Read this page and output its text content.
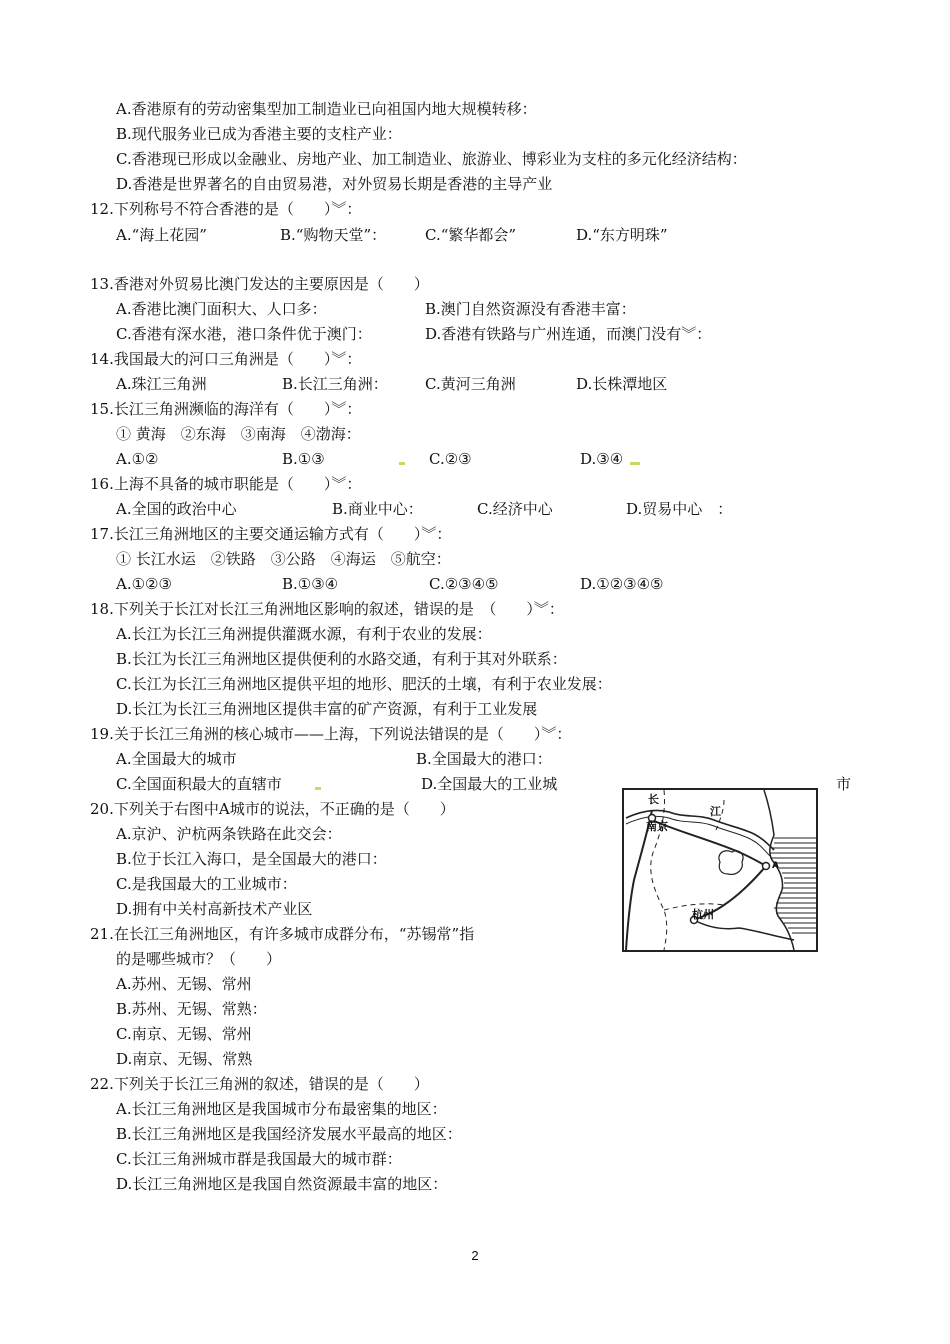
A.香港原有的劳动密集型加工制造业已向祖国内地大规模转移：
B.现代服务业已成为香港主要的支柱产业：
C.香港现已形成以金融业、房地产业、加工制造业、旅游业、博彩业为支柱的多元化经济结构：
D.香港是世界著名的自由贸易港，对外贸易长期是香港的主导产业
12.下列称号不符合香港的是（　　）︾：
A.“海上花园”	B.“购物天堂”：	C.“繁华都会”	D.“东方明珠”
13.香港对外贸易比澳门发达的主要原因是（　　）
A.香港比澳门面积大、人口多：	B.澳门自然资源没有香港丰富：
C.香港有深水港，港口条件优于澳门：	D.香港有铁路与广州连通，而澳门没有︾：
14.我国最大的河口三角洲是（　　）︾：
A.珠江三角洲	B.长江三角洲： C.黄河三角洲	D.长株潭地区
15.长江三角洲濒临的海洋有（　　）︾：
① 黄海　②东海　③南海　④渤海：
A.①②	B.①③	C.②③	D.③④
16.上海不具备的城市职能是（　　）︾：
A.全国的政治中心	B.商业中心：	C.经济中心	D.贸易中心　：
17.长江三角洲地区的主要交通运输方式有（　　）︾：
① 长江水运　②铁路　③公路　④海运　⑤航空：
A.①②③	B.①③④	C.②③④⑤	D.①②③④⑤
18.下列关于长江对长江三角洲地区影响的叙述，错误的是　（　　）︾：
A.长江为长江三角洲提供灌溉水源，有利于农业的发展：
B.长江为长江三角洲地区提供便利的水路交通，有利于其对外联系：
C.长江为长江三角洲地区提供平坦的地形、肥沃的土壤，有利于农业发展：
D.长江为长江三角洲地区提供丰富的矿产资源，有利于工业发展
19.关于长江三角洲的核心城市——上海，下列说法错误的是（　　）︾：
A.全国最大的城市	B.全国最大的港口：
C.全国面积最大的直辖市	D.全国最大的工业城	市
20.下列关于右图中A城市的说法，不正确的是（　　）
A.京沪、沪杭两条铁路在此交会：
B.位于长江入海口，是全国最大的港口：
C.是我国最大的工业城市：
D.拥有中关村高新技术产业区
长
江
南京
A
杭州
21.在长江三角洲地区，有许多城市成群分布，“苏锡常”指
的是哪些城市？（　　）
A.苏州、无锡、常州
B.苏州、无锡、常熟：
C.南京、无锡、常州
D.南京、无锡、常熟
22.下列关于长江三角洲的叙述，错误的是（　　）
A.长江三角洲地区是我国城市分布最密集的地区：
B.长江三角洲地区是我国经济发展水平最高的地区：
C.长江三角洲城市群是我国最大的城市群：
D.长江三角洲地区是我国自然资源最丰富的地区：
2
